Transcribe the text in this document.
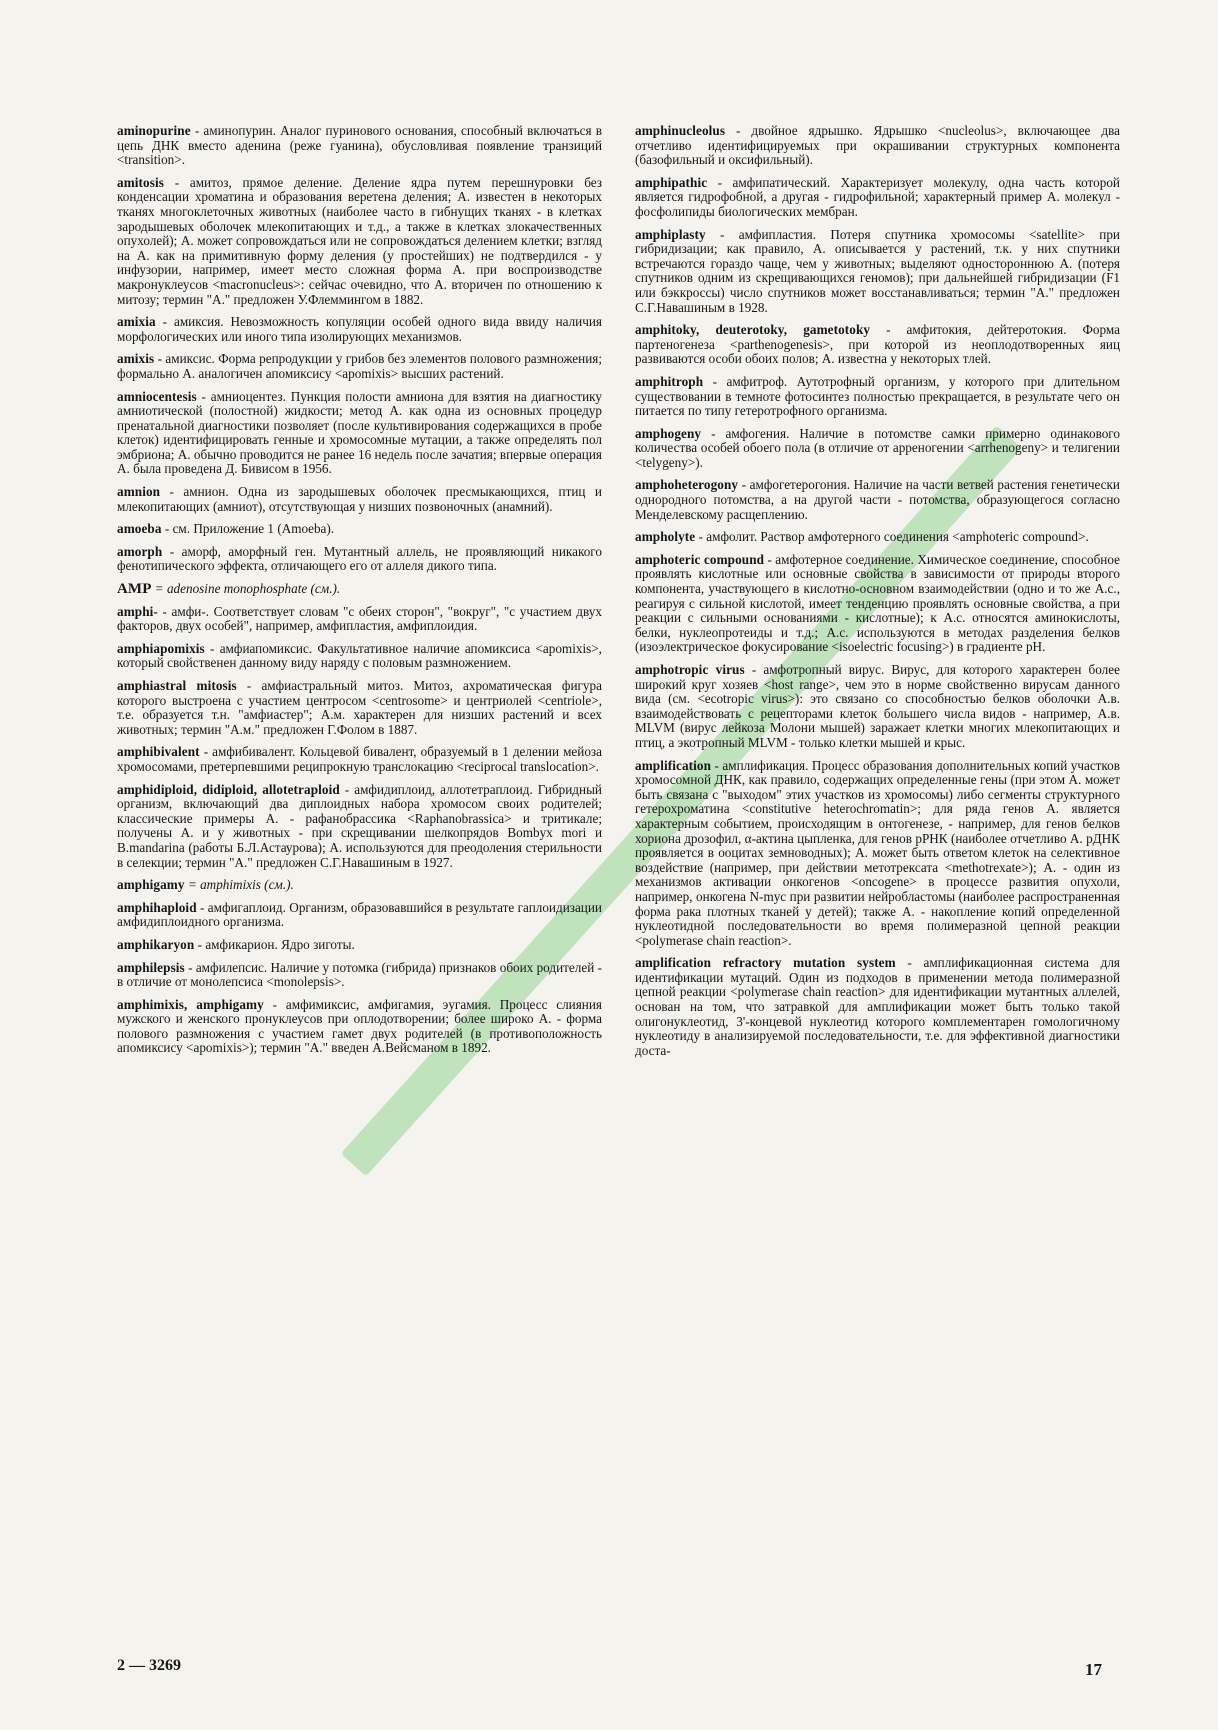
aminopurine - аминопурин. Аналог пуринового основания, способный включаться в цепь ДНК вместо аденина (реже гуанина), обусловливая появление транзиций <transition>.

amitosis - амитоз, прямое деление. Деление ядра путем перешнуровки без конденсации хроматина и образования веретена деления; А. известен в некоторых тканях многоклеточных животных (наиболее часто в гибнущих тканях - в клетках зародышевых оболочек млекопитающих и т.д., а также в клетках злокачественных опухолей); А. может сопровождаться или не сопровождаться делением клетки; взгляд на А. как на примитивную форму деления (у простейших) не подтвердился - у инфузории, например, имеет место сложная форма А. при воспроизводстве макронуклеусов <macronucleus>: сейчас очевидно, что А. вторичен по отношению к митозу; термин "А." предложен У.Флеммингом в 1882.

amixia - амиксия. Невозможность копуляции особей одного вида ввиду наличия морфологических или иного типа изолирующих механизмов.

amixis - амиксис. Форма репродукции у грибов без элементов полового размножения; формально А. аналогичен апомиксису <apomixis> высших растений.

amniocentesis - амниоцентез. Пункция полости амниона для взятия на диагностику амниотической (полостной) жидкости; метод А. как одна из основных процедур пренатальной диагностики позволяет (после культивирования содержащихся в пробе клеток) идентифицировать генные и хромосомные мутации, а также определять пол эмбриона; А. обычно проводится не ранее 16 недель после зачатия; впервые операция А. была проведена Д. Бивисом в 1956.

amnion - амнион. Одна из зародышевых оболочек пресмыкающихся, птиц и млекопитающих (амниот), отсутствующая у низших позвоночных (анамний).

amoeba - см. Приложение 1 (Amoeba).

amorph - аморф, аморфный ген. Мутантный аллель, не проявляющий никакого фенотипического эффекта, отличающего его от аллеля дикого типа.

AMP = adenosine monophosphate (см.).

amphi- - амфи-. Соответствует словам "с обеих сторон", "вокруг", "с участием двух факторов, двух особей", например, амфипластия, амфиплоидия.

amphiapomixis - амфиапомиксис. Факультативное наличие апомиксиса <apomixis>, который свойственен данному виду наряду с половым размножением.

amphiastral mitosis - амфиастральный митоз. Митоз, ахроматическая фигура которого выстроена с участием центросом <centrosome> и центриолей <centriole>, т.е. образуется т.н. "амфиастер"; А.м. характерен для низших растений и всех животных; термин "А.м." предложен Г.Фолом в 1887.

amphibivalent - амфибивалент. Кольцевой бивалент, образуемый в 1 делении мейоза хромосомами, претерпевшими реципрокную транслокацию <reciprocal translocation>.

amphidiploid, didiploid, allotetraploid - амфидиплоид, аллотетраплоид. Гибридный организм, включающий два диплоидных набора хромосом своих родителей; классические примеры А. - рафанобрассика <Raphanobrassica> и тритикале; получены А. и у животных - при скрещивании шелкопрядов Bombyx mori и B.mandarina (работы Б.Л.Астаурова); А. используются для преодоления стерильности в селекции; термин "А." предложен С.Г.Навашиным в 1927.

amphigamy = amphimixis (см.).

amphihaploid - амфигаплоид. Организм, образовавшийся в результате гаплоидизации амфидиплоидного организма.

amphikaryon - амфикарион. Ядро зиготы.

amphilepsis - амфилепсис. Наличие у потомка (гибрида) признаков обоих родителей - в отличие от монолепсиса <monolepsis>.

amphimixis, amphigamy - амфимиксис, амфигамия, эугамия. Процесс слияния мужского и женского пронуклеусов при оплодотворении; более широко А. - форма полового размножения с участием гамет двух родителей (в противоположность апомиксису <apomixis>); термин "А." введен А.Вейсманом в 1892.

amphinucleolus - двойное ядрышко. Ядрышко <nucleolus>, включающее два отчетливо идентифицируемых при окрашивании структурных компонента (базофильный и оксифильный).

amphipathic - амфипатический. Характеризует молекулу, одна часть которой является гидрофобной, а другая - гидрофильной; характерный пример А. молекул - фосфолипиды биологических мембран.

amphiplasty - амфипластия. Потеря спутника хромосомы <satellite> при гибридизации; как правило, А. описывается у растений, т.к. у них спутники встречаются гораздо чаще, чем у животных; выделяют одностороннюю А. (потеря спутников одним из скрещивающихся геномов); при дальнейшей гибридизации (F1 или бэккроссы) число спутников может восстанавливаться; термин "А." предложен С.Г.Навашиным в 1928.

amphitoky, deuterotoky, gametotoky - амфитокия, дейтеротокия. Форма партеногенеза <parthenogenesis>, при которой из неоплодотворенных яиц развиваются особи обоих полов; А. известна у некоторых тлей.

amphitroph - амфитроф. Аутотрофный организм, у которого при длительном существовании в темноте фотосинтез полностью прекращается, в результате чего он питается по типу гетеротрофного организма.

amphogeny - амфогения. Наличие в потомстве самки примерно одинакового количества особей обоего пола (в отличие от арреногении <arrhenogeny> и телигении <telygeny>).

amphoheterogony - амфогетерогония. Наличие на части ветвей растения генетически однородного потомства, а на другой части - потомства, образующегося согласно Менделевскому расщеплению.

ampholyte - амфолит. Раствор амфотерного соединения <amphoteric compound>.

amphoteric compound - амфотерное соединение. Химическое соединение, способное проявлять кислотные или основные свойства в зависимости от природы второго компонента, участвующего в кислотно-основном взаимодействии (одно и то же А.с., реагируя с сильной кислотой, имеет тенденцию проявлять основные свойства, а при реакции с сильными основаниями - кислотные); к А.с. относятся аминокислоты, белки, нуклеопротеиды и т.д.; А.с. используются в методах разделения белков (изоэлектрическое фокусирование <isoelectric focusing>) в градиенте pH.

amphotropic virus - амфотропный вирус. Вирус, для которого характерен более широкий круг хозяев <host range>, чем это в норме свойственно вирусам данного вида (см. <ecotropic virus>): это связано со способностью белков оболочки А.в. взаимодействовать с рецепторами клеток большего числа видов - например, А.в. MLVM (вирус лейкоза Молони мышей) заражает клетки многих млекопитающих и птиц, а экотропный MLVM - только клетки мышей и крыс.

amplification - амплификация. Процесс образования дополнительных копий участков хромосомной ДНК, как правило, содержащих определенные гены (при этом А. может быть связана с "выходом" этих участков из хромосомы) либо сегменты структурного гетерохроматина <constitutive heterochromatin>; для ряда генов А. является характерным событием, происходящим в онтогенезе, - например, для генов белков хориона дрозофил, α-актина цыпленка, для генов рРНК (наиболее отчетливо А. рДНК проявляется в ооцитах земноводных); А. может быть ответом клеток на селективное воздействие (например, при действии метотрексата <methotrexate>); А. - один из механизмов активации онкогенов <oncogene> в процессе развития опухоли, например, онкогена N-myc при развитии нейробластомы (наиболее распространенная форма рака плотных тканей у детей); также А. - накопление копий определенной нуклеотидной последовательности во время полимеразной цепной реакции <polymerase chain reaction>.

amplification refractory mutation system - амплификационная система для идентификации мутаций. Один из подходов в применении метода полимеразной цепной реакции <polymerase chain reaction> для идентификации мутантных аллелей, основан на том, что затравкой для амплификации может быть только такой олигонуклеотид, 3'-концевой нуклеотид которого комплементарен гомологичному нуклеотиду в анализируемой последовательности, т.е. для эффективной диагностики доста-

2 — 3269	17
